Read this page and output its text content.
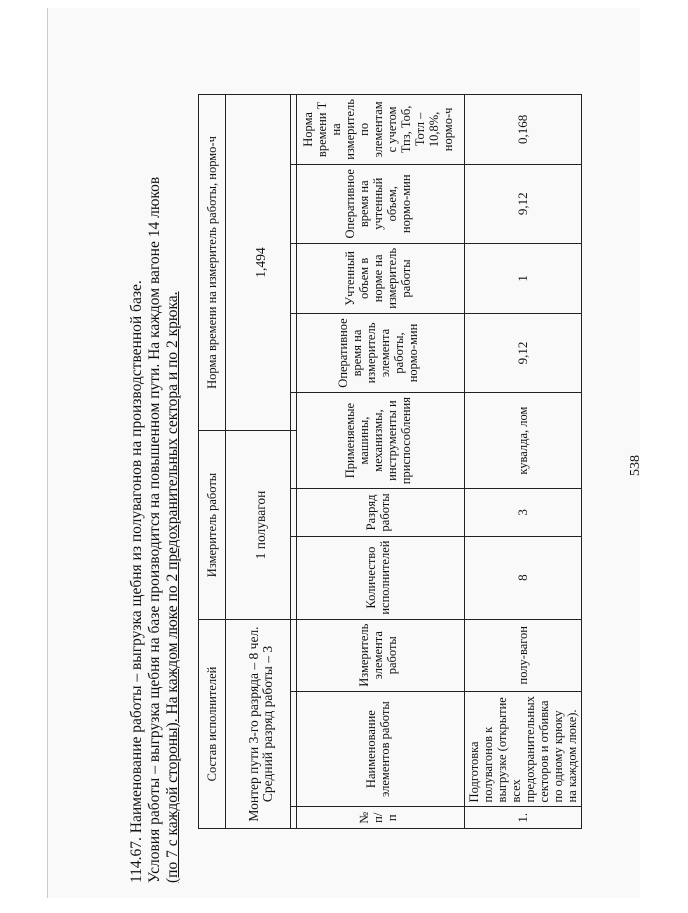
538

114.67. Наименование работы – выгрузка щебня из полувагонов на производственной базе. Условия работы – выгрузка щебня на базе производится на повышенном пути. На каждом вагоне 14 люков (по 7 с каждой стороны). На каждом люке по 2 предохранительных сектора и по 2 крюка. Состав исполнителей	Измеритель работы	Норма времени на измеритель работы, нормо-ч

Монтер пути 3-го разряда – 8 чел. Средний разряд работы – 3	1 полувагон	1,494
№ п/п	Наименование элементов работы	Измеритель элемента работы	Количество исполнителей	Разряд работы	Применяемые машины, механизмы, инструменты и приспособления	Оперативное время на измеритель элемента работы, нормо-мин	Учтенный объем в норме на измеритель работы	Оперативное время на учтенный объем, нормо-мин	Норма времени Т на измеритель по элементам с учетом Тпз, Тоб, Тотл – 10,8%, нормо-ч
1.	Подготовка полувагонов к выгрузке (открытие всех предохранительных секторов и отбивка по одному крюку на каждом люке).	полу-вагон	8	3	кувалда, лом	9,12	1	9,12	0,168
